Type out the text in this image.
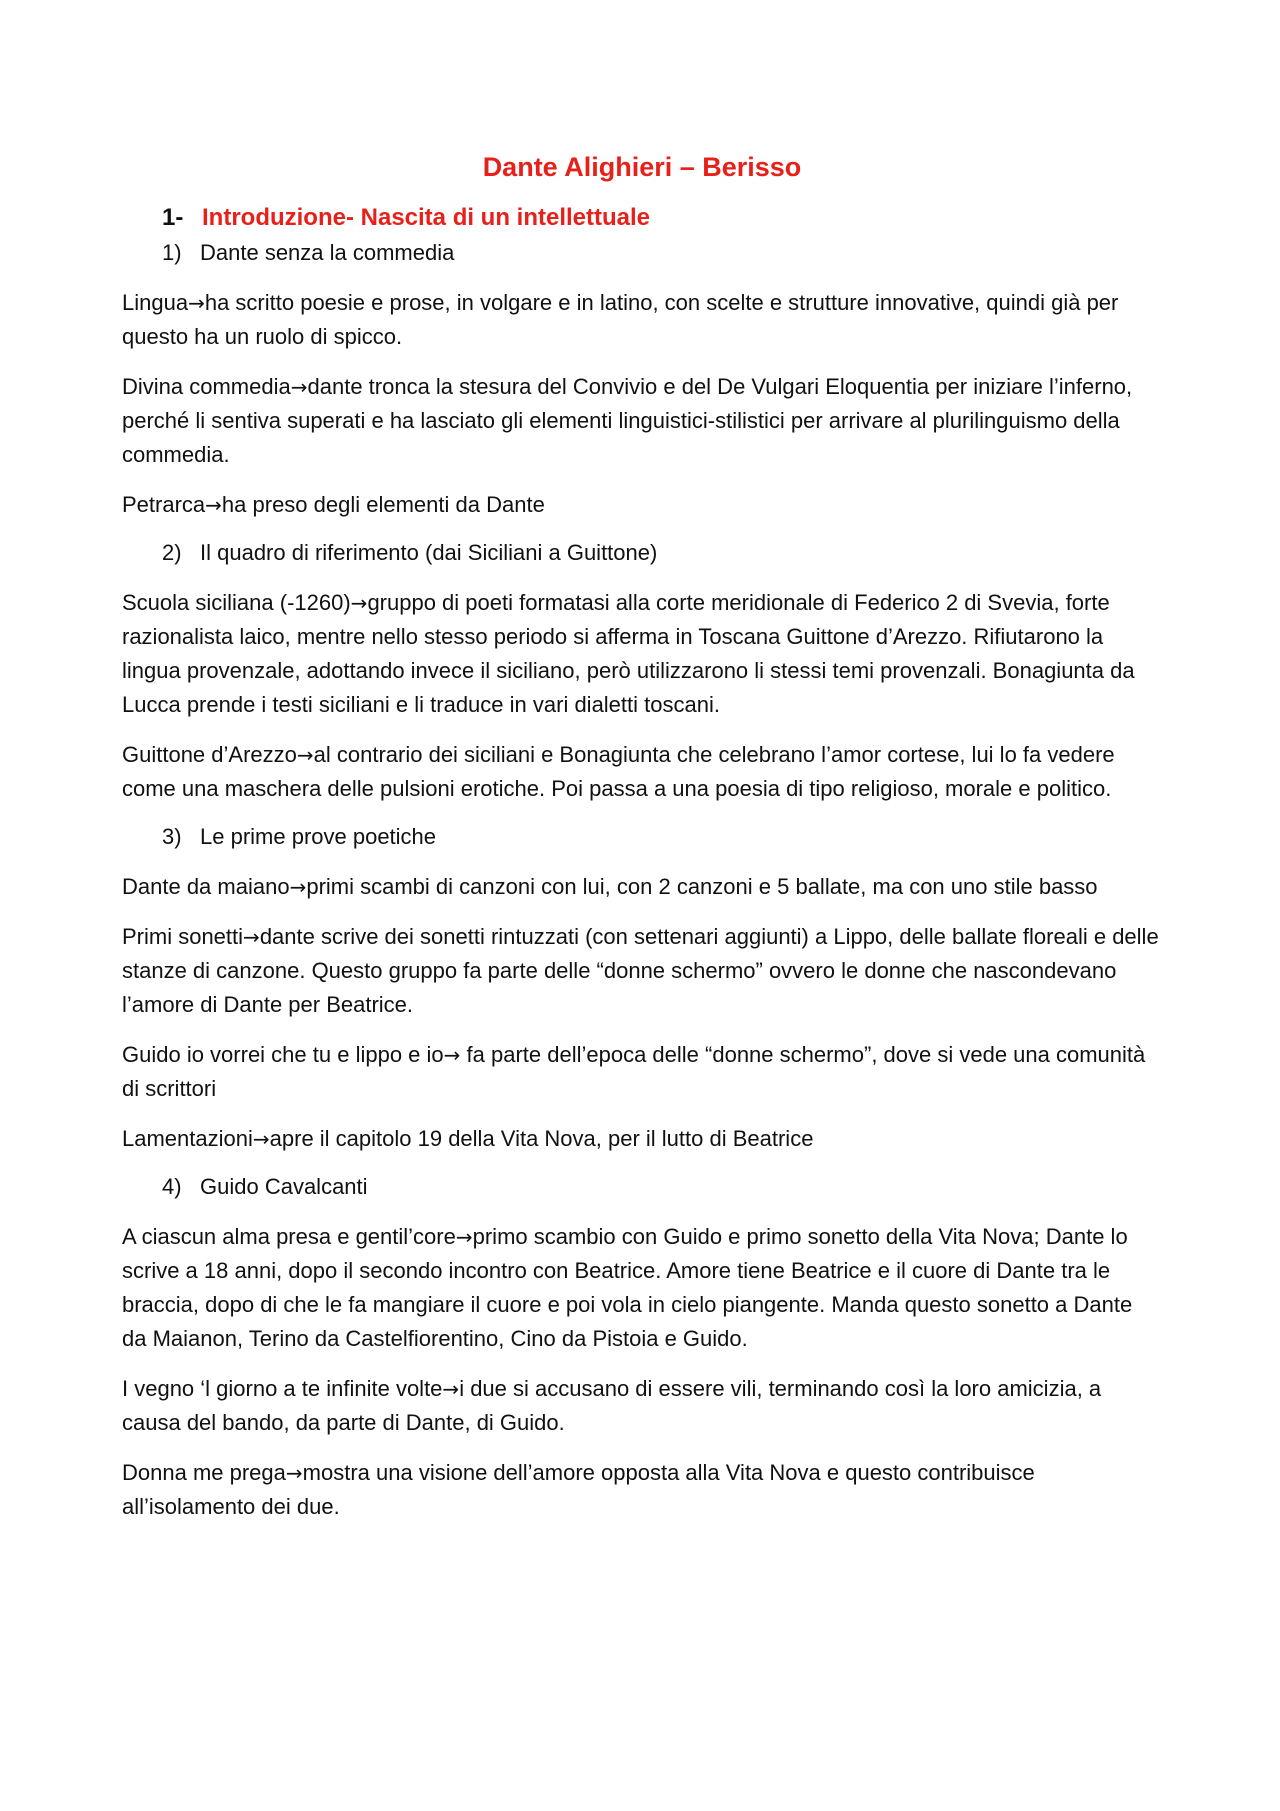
Dante Alighieri – Berisso
1- Introduzione- Nascita di un intellettuale
1) Dante senza la commedia

Lingua→ha scritto poesie e prose, in volgare e in latino, con scelte e strutture innovative, quindi già per questo ha un ruolo di spicco.

Divina commedia→dante tronca la stesura del Convivio e del De Vulgari Eloquentia per iniziare l’inferno, perché li sentiva superati e ha lasciato gli elementi linguistici-stilistici per arrivare al plurilinguismo della commedia.

Petrarca→ha preso degli elementi da Dante

2) Il quadro di riferimento (dai Siciliani a Guittone)

Scuola siciliana (-1260)→gruppo di poeti formatasi alla corte meridionale di Federico 2 di Svevia, forte razionalista laico, mentre nello stesso periodo si afferma in Toscana Guittone d’Arezzo. Rifiutarono la lingua provenzale, adottando invece il siciliano, però utilizzarono li stessi temi provenzali. Bonagiunta da Lucca prende i testi siciliani e li traduce in vari dialetti toscani.

Guittone d’Arezzo→al contrario dei siciliani e Bonagiunta che celebrano l’amor cortese, lui lo fa vedere come una maschera delle pulsioni erotiche. Poi passa a una poesia di tipo religioso, morale e politico.

3) Le prime prove poetiche

Dante da maiano→primi scambi di canzoni con lui, con 2 canzoni e 5 ballate, ma con uno stile basso

Primi sonetti→dante scrive dei sonetti rintuzzati (con settenari aggiunti) a Lippo, delle ballate floreali e delle stanze di canzone. Questo gruppo fa parte delle “donne schermo” ovvero le donne che nascondevano l’amore di Dante per Beatrice.

Guido io vorrei che tu e lippo e io→ fa parte dell’epoca delle “donne schermo”, dove si vede una comunità di scrittori

Lamentazioni→apre il capitolo 19 della Vita Nova, per il lutto di Beatrice

4) Guido Cavalcanti

A ciascun alma presa e gentil’core→primo scambio con Guido e primo sonetto della Vita Nova; Dante lo scrive a 18 anni, dopo il secondo incontro con Beatrice. Amore tiene Beatrice e il cuore di Dante tra le braccia, dopo di che le fa mangiare il cuore e poi vola in cielo piangente. Manda questo sonetto a Dante da Maianon, Terino da Castelfiorentino, Cino da Pistoia e Guido.

I vegno ‘l giorno a te infinite volte→i due si accusano di essere vili, terminando così la loro amicizia, a causa del bando, da parte di Dante, di Guido.

Donna me prega→mostra una visione dell’amore opposta alla Vita Nova e questo contribuisce all’isolamento dei due.
